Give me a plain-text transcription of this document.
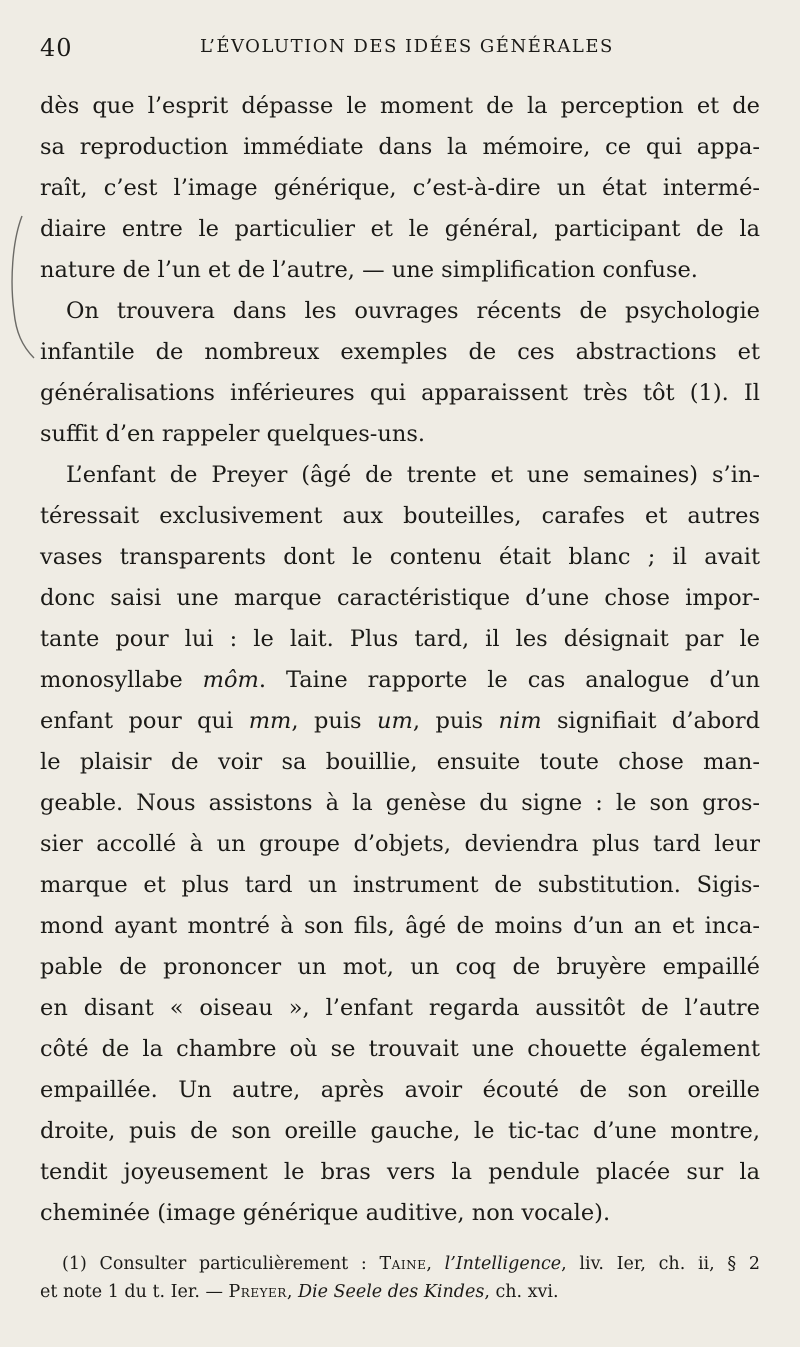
40	L’ÉVOLUTION DES IDÉES GÉNÉRALES

dès que l’esprit dépasse le moment de la perception et de
sa reproduction immédiate dans la mémoire, ce qui appa-
raît, c’est l’image générique, c’est-à-dire un état intermé-
diaire entre le particulier et le général, participant de la
nature de l’un et de l’autre, — une simplification confuse.

On trouvera dans les ouvrages récents de psychologie
infantile de nombreux exemples de ces abstractions et
généralisations inférieures qui apparaissent très tôt (1). Il
suffit d’en rappeler quelques-uns.

L’enfant de Preyer (âgé de trente et une semaines) s’in-
téressait exclusivement aux bouteilles, carafes et autres
vases transparents dont le contenu était blanc ; il avait
donc saisi une marque caractéristique d’une chose impor-
tante pour lui : le lait. Plus tard, il les désignait par le
monosyllabe môm. Taine rapporte le cas analogue d’un
enfant pour qui mm, puis um, puis nim signifiait d’abord
le plaisir de voir sa bouillie, ensuite toute chose man-
geable. Nous assistons à la genèse du signe : le son gros-
sier accollé à un groupe d’objets, deviendra plus tard leur
marque et plus tard un instrument de substitution. Sigis-
mond ayant montré à son fils, âgé de moins d’un an et inca-
pable de prononcer un mot, un coq de bruyère empaillé
en disant « oiseau », l’enfant regarda aussitôt de l’autre
côté de la chambre où se trouvait une chouette également
empaillée. Un autre, après avoir écouté de son oreille
droite, puis de son oreille gauche, le tic-tac d’une montre,
tendit joyeusement le bras vers la pendule placée sur la
cheminée (image générique auditive, non vocale).

(1) Consulter particulièrement : Taine, l’Intelligence, liv. Ier, ch. ii, § 2
et note 1 du t. Ier. — Preyer, Die Seele des Kindes, ch. xvi.
